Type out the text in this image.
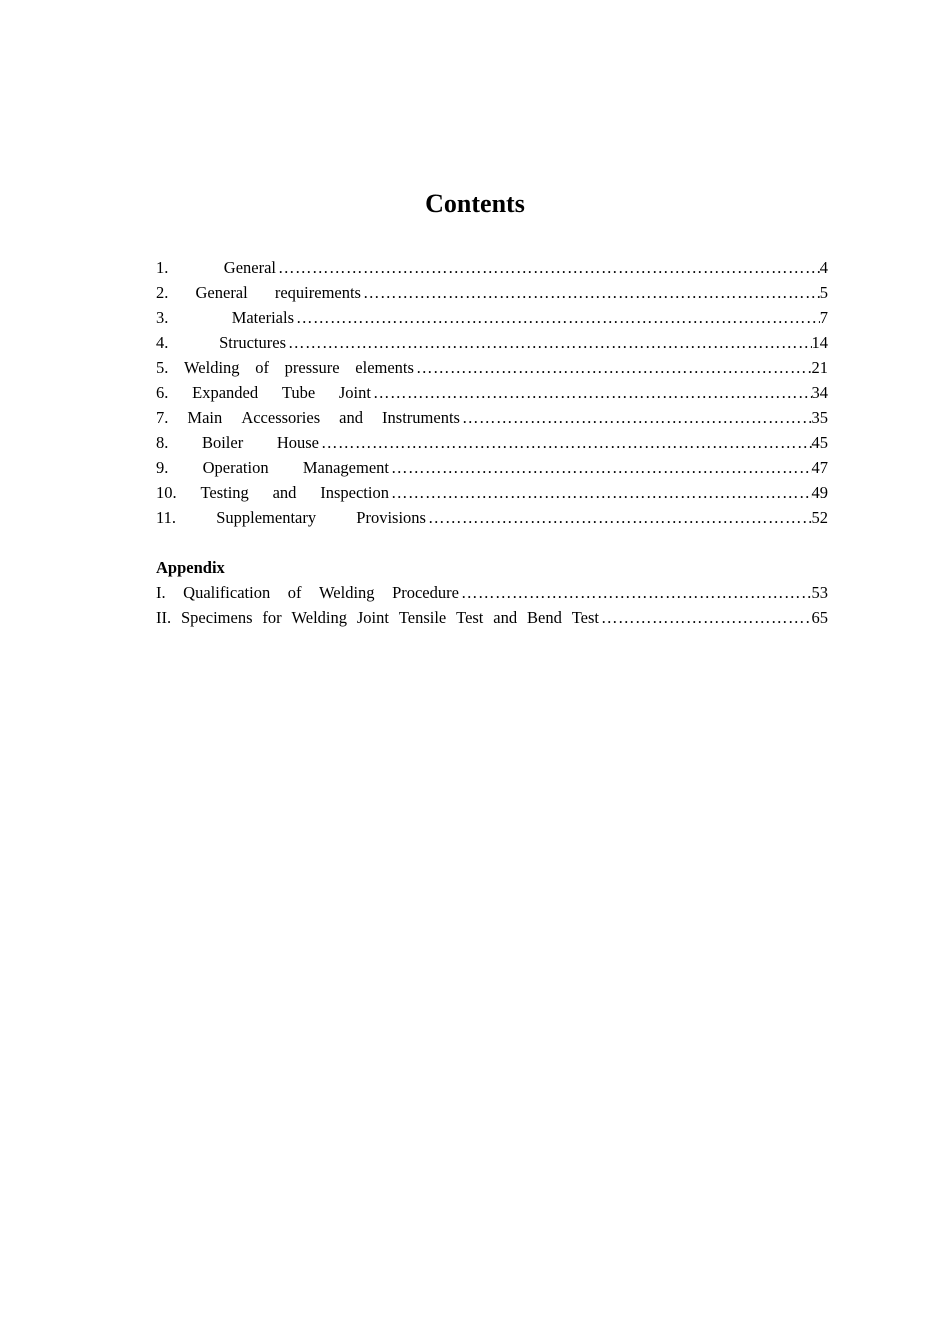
Contents
1.	General ………………………………………………………………………………………………………………………………………………………………………………………………	4
2. General requirements ………………………………………………………………………………………………………………………………………………………………………………………………	5
3.	Materials ………………………………………………………………………………………………………………………………………………………………………………………………	7
4.	Structures ………………………………………………………………………………………………………………………………………………………………………………………………	14
5. Welding of pressure elements ………………………………………………………………………………………………………………………………………………………………………………………………	21
6. Expanded Tube Joint ………………………………………………………………………………………………………………………………………………………………………………………………	34
7. Main Accessories and Instruments ………………………………………………………………………………………………………………………………………………………………………………………………	35
8. Boiler House ………………………………………………………………………………………………………………………………………………………………………………………………	45
9. Operation Management ………………………………………………………………………………………………………………………………………………………………………………………………	47
10. Testing and Inspection ………………………………………………………………………………………………………………………………………………………………………………………………	49
11. Supplementary Provisions ………………………………………………………………………………………………………………………………………………………………………………………………	52
Appendix
I. Qualification of Welding Procedure ………………………………………………………………………………………………………………………………………………………………………………………………	53
II. Specimens for Welding Joint Tensile Test and Bend Test ………………………………………………………………………………………………………………………………………………………………………………………………	65
